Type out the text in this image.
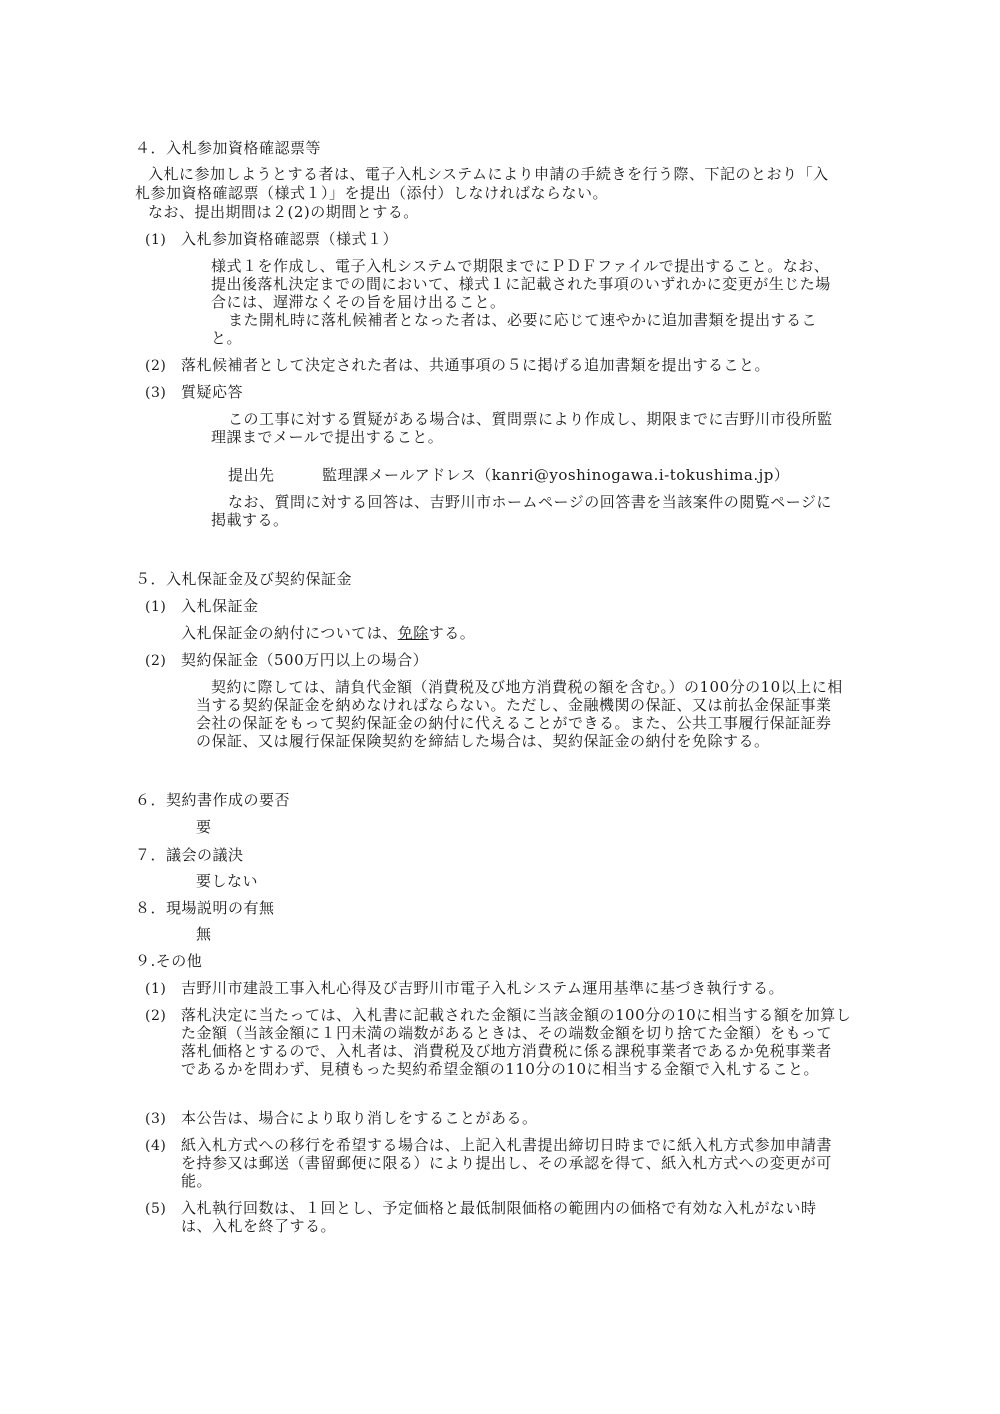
４．入札参加資格確認票等
入札に参加しようとする者は、電子入札システムにより申請の手続きを行う際、下記のとおり「入
札参加資格確認票（様式１）」を提出（添付）しなければならない。
なお、提出期間は２(2)の期間とする。
(1) 入札参加資格確認票（様式１）
様式１を作成し、電子入札システムで期限までにＰＤＦファイルで提出すること。なお、
提出後落札決定までの間において、様式１に記載された事項のいずれかに変更が生じた場
合には、遅滞なくその旨を届け出ること。
また開札時に落札候補者となった者は、必要に応じて速やかに追加書類を提出するこ
と。
(2) 落札候補者として決定された者は、共通事項の５に掲げる追加書類を提出すること。
(3) 質疑応答
この工事に対する質疑がある場合は、質問票により作成し、期限までに吉野川市役所監
理課までメールで提出すること。
提出先	監理課メールアドレス（kanri@yoshinogawa.i-tokushima.jp）
なお、質問に対する回答は、吉野川市ホームページの回答書を当該案件の閲覧ページに
掲載する。
５．入札保証金及び契約保証金
(1) 入札保証金
入札保証金の納付については、免除する。
(2) 契約保証金（500万円以上の場合）
契約に際しては、請負代金額（消費税及び地方消費税の額を含む。）の100分の10以上に相
当する契約保証金を納めなければならない。ただし、金融機関の保証、又は前払金保証事業
会社の保証をもって契約保証金の納付に代えることができる。また、公共工事履行保証証券
の保証、又は履行保証保険契約を締結した場合は、契約保証金の納付を免除する。
６．契約書作成の要否
要
７．議会の議決
要しない
８．現場説明の有無
無
９.その他
(1) 吉野川市建設工事入札心得及び吉野川市電子入札システム運用基準に基づき執行する。
(2) 落札決定に当たっては、入札書に記載された金額に当該金額の100分の10に相当する額を加算し
た金額（当該金額に１円未満の端数があるときは、その端数金額を切り捨てた金額）をもって
落札価格とするので、入札者は、消費税及び地方消費税に係る課税事業者であるか免税事業者
であるかを問わず、見積もった契約希望金額の110分の10に相当する金額で入札すること。
(3) 本公告は、場合により取り消しをすることがある。
(4) 紙入札方式への移行を希望する場合は、上記入札書提出締切日時までに紙入札方式参加申請書
を持参又は郵送（書留郵便に限る）により提出し、その承認を得て、紙入札方式への変更が可
能。
(5) 入札執行回数は、１回とし、予定価格と最低制限価格の範囲内の価格で有効な入札がない時
は、入札を終了する。
